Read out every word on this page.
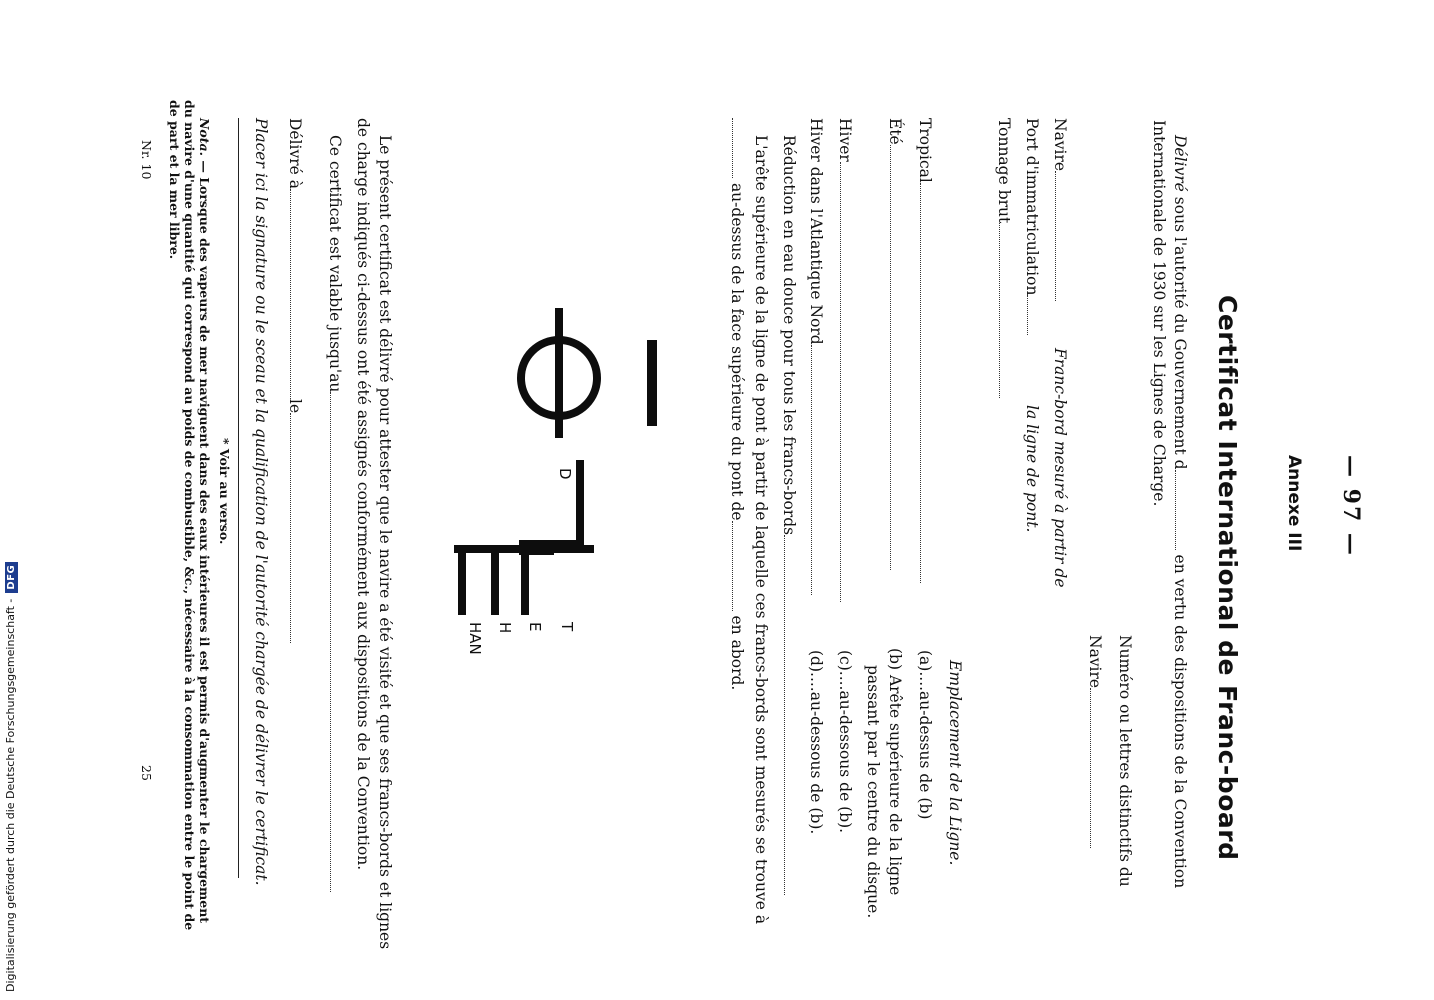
— 97 —
Annexe III
Certificat International de Franc-board
Délivré sous l'autorité du Gouvernement d en vertu des dispositions de la Convention
Internationale de 1930 sur les Lignes de Charge.
Numéro ou lettres distinctifs du
Navire
Navire
Franc-bord mesuré à partir de
Port d'immatriculation
la ligne de pont.
Tonnage brut
Emplacement de la Ligne.
Tropical
(a)....au-dessus de (b)
Été
(b) Arête supérieure de la ligne
passant par le centre du disque.
Hiver
(c)....au-dessous de (b).
Hiver dans l'Atlantique Nord
(d)....au-dessous de (b).
Réduction en eau douce pour tous les francs-bords
L'arête supérieure de la ligne de pont à partir de laquelle ces francs-bords sont mesurés se trouve à
au-dessus de la face supérieure du pont de en abord.
D
T
E
H
HAN
Le présent certificat est délivré pour attester que le navire a été visité et que ses francs-bords et lignes
de charge indiqués ci-dessus ont été assignés conformément aux dispositions de la Convention.
Ce certificat est valable jusqu'au
Délivré àle
Placer ici la signature ou le sceau et la qualification de l'autorité chargée de délivrer le certificat.
* Voir au verso.
Nota. — Lorsque des vapeurs de mer naviguent dans des eaux intérieures il est permis d'augmenter le chargement
du navire d'une quantité qui correspond au poids de combustible, &c., nécessaire à la consommation entre le point de
de part et la mer libre.
Nr. 10
25
Digitalisierung gefördert durch die Deutsche Forschungsgemeinschaft -DFG
